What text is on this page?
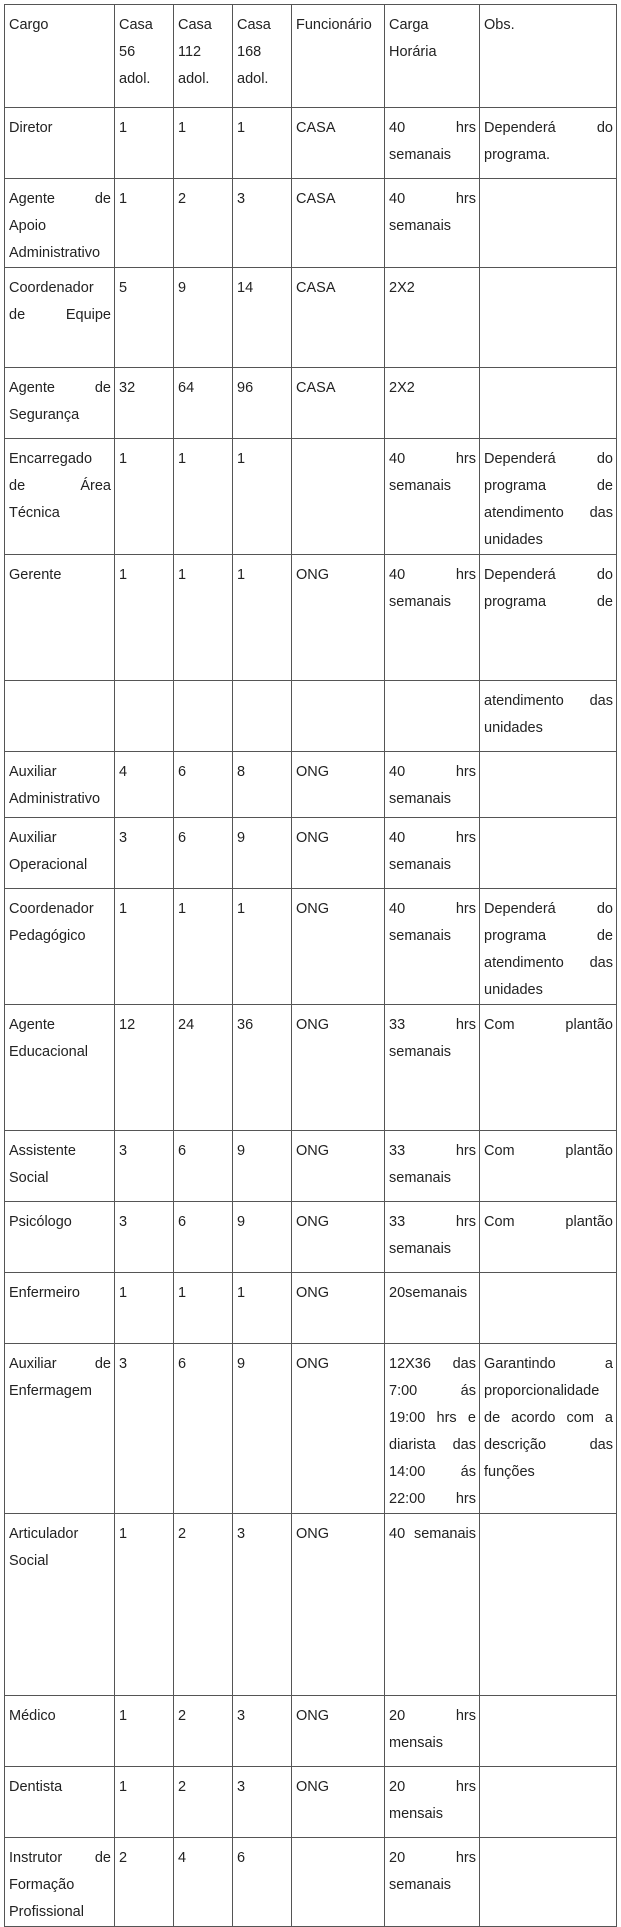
Cargo	Casa 56 adol.	Casa 112 adol.	Casa 168 adol.	Funcionário	Carga Horária	Obs.
Diretor	1	1	1	CASA	40 hrs semanais	Dependerá do programa.
Agente de Apoio Administrativo	1	2	3	CASA	40 hrs semanais	
Coordenador de Equipe	5	9	14	CASA	2X2	
Agente de Segurança	32	64	96	CASA	2X2	
Encarregado de Área Técnica	1	1	1		40 hrs semanais	Dependerá do programa de atendimento das unidades
Gerente	1	1	1	ONG	40 hrs semanais	Dependerá do programa de
						atendimento das unidades
Auxiliar Administrativo	4	6	8	ONG	40 hrs semanais	
Auxiliar Operacional	3	6	9	ONG	40 hrs semanais	
Coordenador Pedagógico	1	1	1	ONG	40 hrs semanais	Dependerá do programa de atendimento das unidades
Agente Educacional	12	24	36	ONG	33 hrs semanais	Com plantão
Assistente Social	3	6	9	ONG	33 hrs semanais	Com plantão
Psicólogo	3	6	9	ONG	33 hrs semanais	Com plantão
Enfermeiro	1	1	1	ONG	20semanais	
Auxiliar de Enfermagem	3	6	9	ONG	12X36 das 7:00 ás 19:00 hrs e diarista das 14:00 ás 22:00 hrs	Garantindo a proporcionalidade de acordo com a descrição das funções
Articulador Social	1	2	3	ONG	40 semanais	
Médico	1	2	3	ONG	20 hrs mensais	
Dentista	1	2	3	ONG	20 hrs mensais	
Instrutor de Formação Profissional	2	4	6		20 hrs semanais	
